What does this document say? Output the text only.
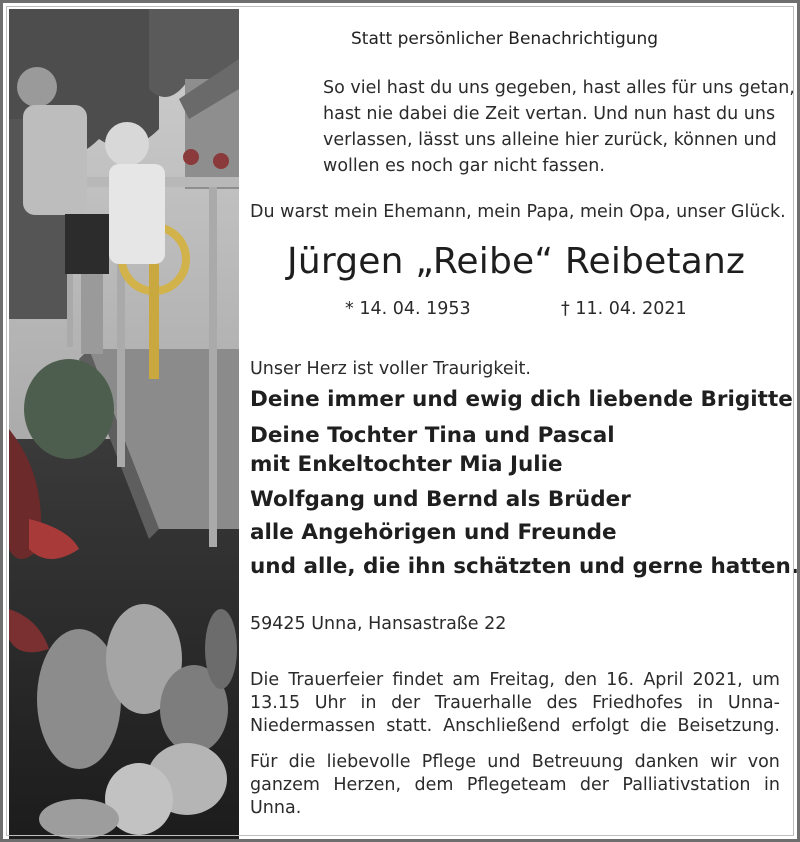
Statt persönlicher Benachrichtigung
So viel hast du uns gegeben, hast alles für uns getan,
hast nie dabei die Zeit vertan. Und nun hast du uns
verlassen, lässt uns alleine hier zurück, können und
wollen es noch gar nicht fassen.
Du warst mein Ehemann, mein Papa, mein Opa, unser Glück.
Jürgen „Reibe“ Reibetanz
* 14. 04. 1953	† 11. 04. 2021
Unser Herz ist voller Traurigkeit.
Deine immer und ewig dich liebende Brigitte
Deine Tochter Tina und Pascal
mit Enkeltochter Mia Julie
Wolfgang und Bernd als Brüder
alle Angehörigen und Freunde
und alle, die ihn schätzten und gerne hatten.
59425 Unna, Hansastraße 22
Die Trauerfeier findet am Freitag, den 16. April 2021, um
13.15 Uhr in der Trauerhalle des Friedhofes in Unna-
Niedermassen statt. Anschließend erfolgt die Beisetzung.
Für die liebevolle Pflege und Betreuung danken wir von
ganzem Herzen, dem Pflegeteam der Palliativstation in
Unna.
